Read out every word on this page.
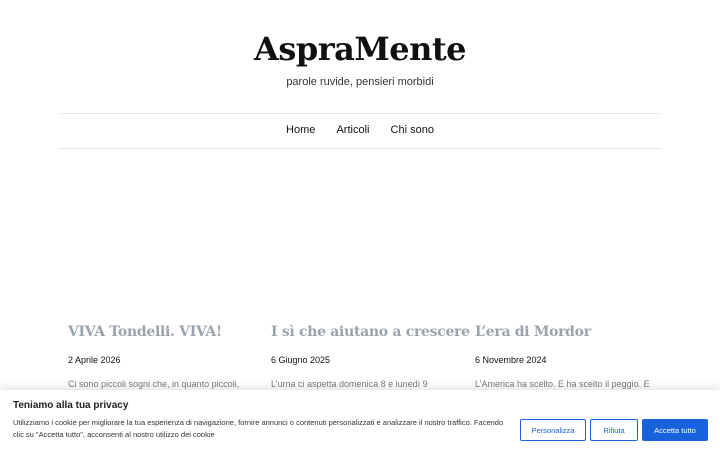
AspraMente
parole ruvide, pensieri morbidi
Home Articoli Chi sono
VIVA Tondelli. VIVA!
2 Aprile 2026
Ci sono piccoli sogni che, in quanto piccoli,
I sì che aiutano a crescere
6 Giugno 2025
L’urna ci aspetta domenica 8 e lunedì 9
L’era di Mordor
6 Novembre 2024
L’America ha scelto. E ha scelto il peggio. E
Teniamo alla tua privacy
Utilizziamo i cookie per migliorare la tua esperienza di navigazione, fornire annunci o contenuti personalizzati e analizzare il nostro traffico. Facendo clic su "Accetta tutto", acconsenti al nostro utilizzo dei cookie	Personalizza	Rifiuta	Accetta tutto
